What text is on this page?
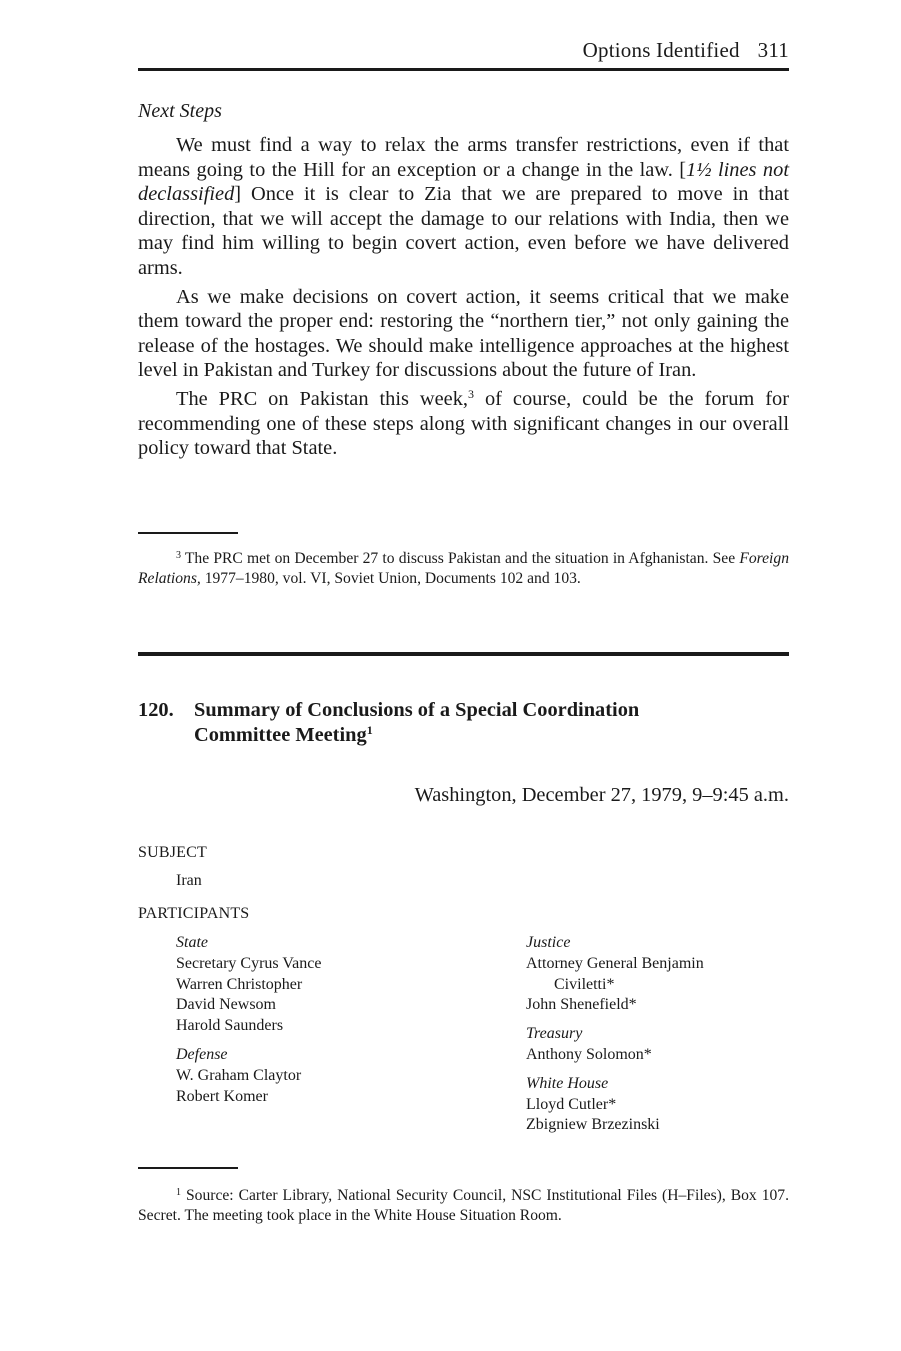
Options Identified 311
Next Steps

We must find a way to relax the arms transfer restrictions, even if that means going to the Hill for an exception or a change in the law. [1½ lines not declassified] Once it is clear to Zia that we are prepared to move in that direction, that we will accept the damage to our relations with India, then we may find him willing to begin covert action, even before we have delivered arms.

As we make decisions on covert action, it seems critical that we make them toward the proper end: restoring the “northern tier,” not only gaining the release of the hostages. We should make intelligence approaches at the highest level in Pakistan and Turkey for discussions about the future of Iran.

The PRC on Pakistan this week,$^3$ of course, could be the forum for recommending one of these steps along with significant changes in our overall policy toward that State.

$^3$ The PRC met on December 27 to discuss Pakistan and the situation in Afghanistan. See Foreign Relations, 1977–1980, vol. VI, Soviet Union, Documents 102 and 103.

120. Summary of Conclusions of a Special Coordination Committee Meeting$^1$
Washington, December 27, 1979, 9–9:45 a.m.
SUBJECT
Iran
PARTICIPANTS
State
Secretary Cyrus Vance
Warren Christopher
David Newsom
Harold Saunders
Defense
W. Graham Claytor
Robert Komer
Justice
Attorney General Benjamin
Civiletti*
John Shenefield*
Treasury
Anthony Solomon*
White House
Lloyd Cutler*
Zbigniew Brzezinski

$^1$ Source: Carter Library, National Security Council, NSC Institutional Files (H–Files), Box 107. Secret. The meeting took place in the White House Situation Room.
